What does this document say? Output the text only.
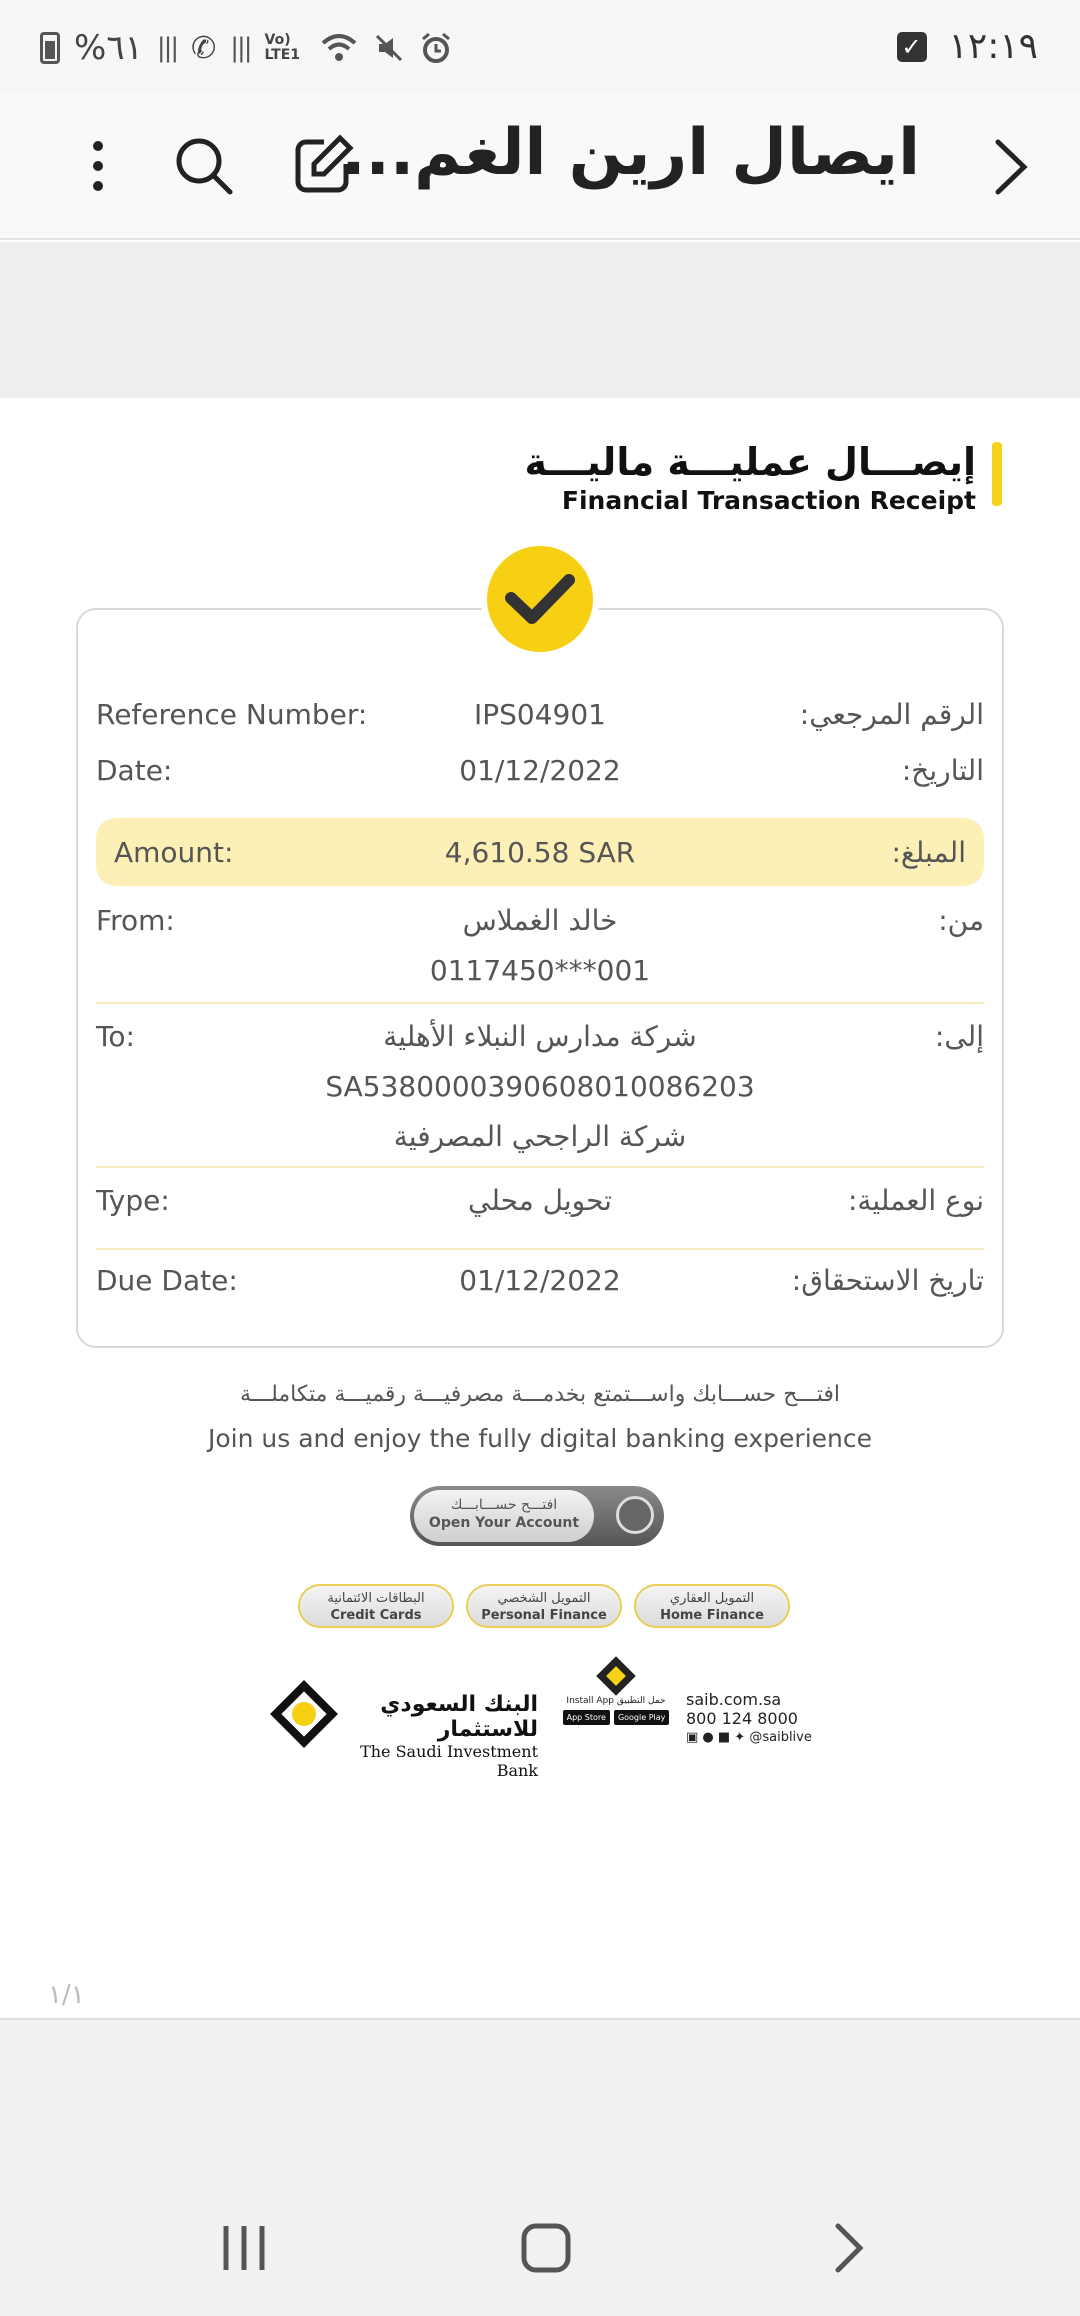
%٦١ ||| ✆ ||| Vo) LTE1	✓ ١٢:١٩
ايصال ارين الغم...
إيصـــال عمليـــة ماليـــة
Financial Transaction Receipt
Reference Number:	IPS04901	الرقم المرجعي:
Date:	01/12/2022	التاريخ:
Amount:	4,610.58 SAR	المبلغ:
From:	خالد الغملاس	من:
0117450***001
To:	شركة مدارس النبلاء الأهلية	إلى:
SA5380000390608010086203
شركة الراجحي المصرفية
Type:	تحويل محلي	نوع العملية:
Due Date:	01/12/2022	تاريخ الاستحقاق:
افتـــح حســـابك واســـتمتع بخدمـــة مصرفيـــة رقميـــة متكاملـــة
Join us and enjoy the fully digital banking experience
افتـــح حســـابـــك
Open Your Account
البطاقات الائتمانية
Credit Cards
التمويل الشخصي
Personal Finance
التمويل العقاري
Home Finance
البنك السعودي للاستثمار
The Saudi Investment Bank
Install App حمل التطبيق
App Store	Google Play
saib.com.sa
800 124 8000
▣ ● ■ ✦ @saiblive
١/١
